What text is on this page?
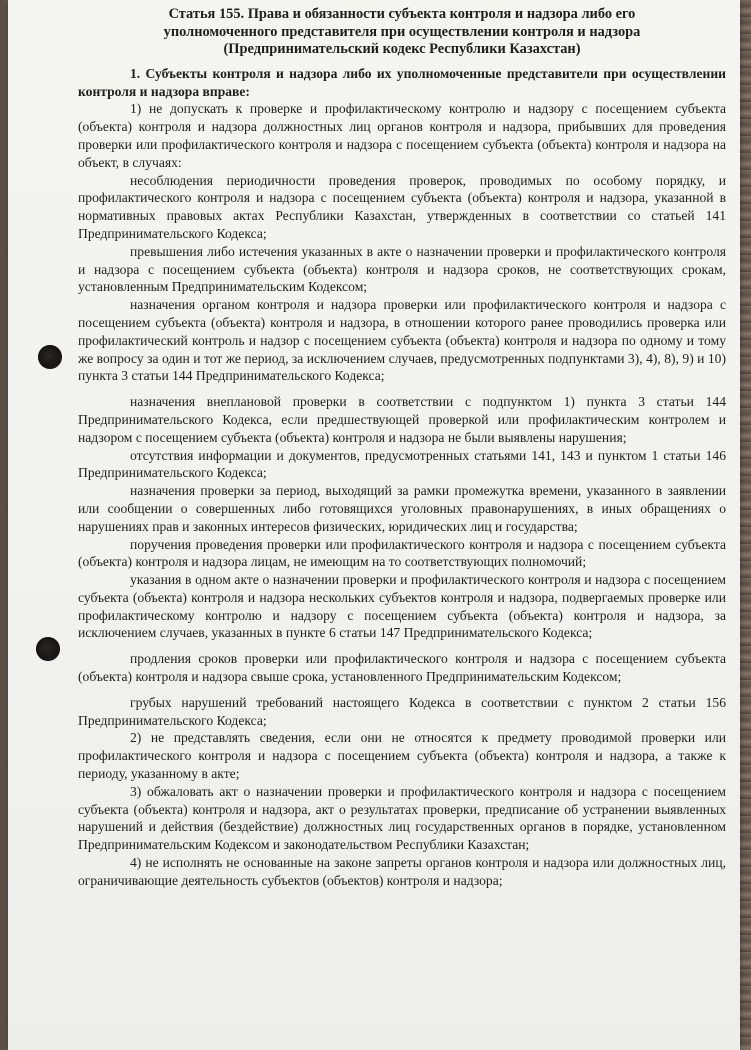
Статья 155. Права и обязанности субъекта контроля и надзора либо его уполномоченного представителя при осуществлении контроля и надзора (Предпринимательский кодекс Республики Казахстан)

1. Субъекты контроля и надзора либо их уполномоченные представители при осуществлении контроля и надзора вправе:

1) не допускать к проверке и профилактическому контролю и надзору с посещением субъекта (объекта) контроля и надзора должностных лиц органов контроля и надзора, прибывших для проведения проверки или профилактического контроля и надзора с посещением субъекта (объекта) контроля и надзора на объект, в случаях:

несоблюдения периодичности проведения проверок, проводимых по особому порядку, и профилактического контроля и надзора с посещением субъекта (объекта) контроля и надзора, указанной в нормативных правовых актах Республики Казахстан, утвержденных в соответствии со статьей 141 Предпринимательского Кодекса;

превышения либо истечения указанных в акте о назначении проверки и профилактического контроля и надзора с посещением субъекта (объекта) контроля и надзора сроков, не соответствующих срокам, установленным Предпринимательским Кодексом;

назначения органом контроля и надзора проверки или профилактического контроля и надзора с посещением субъекта (объекта) контроля и надзора, в отношении которого ранее проводились проверка или профилактический контроль и надзор с посещением субъекта (объекта) контроля и надзора по одному и тому же вопросу за один и тот же период, за исключением случаев, предусмотренных подпунктами 3), 4), 8), 9) и 10) пункта 3 статьи 144 Предпринимательского Кодекса;

назначения внеплановой проверки в соответствии с подпунктом 1) пункта 3 статьи 144 Предпринимательского Кодекса, если предшествующей проверкой или профилактическим контролем и надзором с посещением субъекта (объекта) контроля и надзора не были выявлены нарушения;

отсутствия информации и документов, предусмотренных статьями 141, 143 и пунктом 1 статьи 146 Предпринимательского Кодекса;

назначения проверки за период, выходящий за рамки промежутка времени, указанного в заявлении или сообщении о совершенных либо готовящихся уголовных правонарушениях, в иных обращениях о нарушениях прав и законных интересов физических, юридических лиц и государства;

поручения проведения проверки или профилактического контроля и надзора с посещением субъекта (объекта) контроля и надзора лицам, не имеющим на то соответствующих полномочий;

указания в одном акте о назначении проверки и профилактического контроля и надзора с посещением субъекта (объекта) контроля и надзора нескольких субъектов контроля и надзора, подвергаемых проверке или профилактическому контролю и надзору с посещением субъекта (объекта) контроля и надзора, за исключением случаев, указанных в пункте 6 статьи 147 Предпринимательского Кодекса;

продления сроков проверки или профилактического контроля и надзора с посещением субъекта (объекта) контроля и надзора свыше срока, установленного Предпринимательским Кодексом;

грубых нарушений требований настоящего Кодекса в соответствии с пунктом 2 статьи 156 Предпринимательского Кодекса;

2) не представлять сведения, если они не относятся к предмету проводимой проверки или профилактического контроля и надзора с посещением субъекта (объекта) контроля и надзора, а также к периоду, указанному в акте;

3) обжаловать акт о назначении проверки и профилактического контроля и надзора с посещением субъекта (объекта) контроля и надзора, акт о результатах проверки, предписание об устранении выявленных нарушений и действия (бездействие) должностных лиц государственных органов в порядке, установленном Предпринимательским Кодексом и законодательством Республики Казахстан;

4) не исполнять не основанные на законе запреты органов контроля и надзора или должностных лиц, ограничивающие деятельность субъектов (объектов) контроля и надзора;
